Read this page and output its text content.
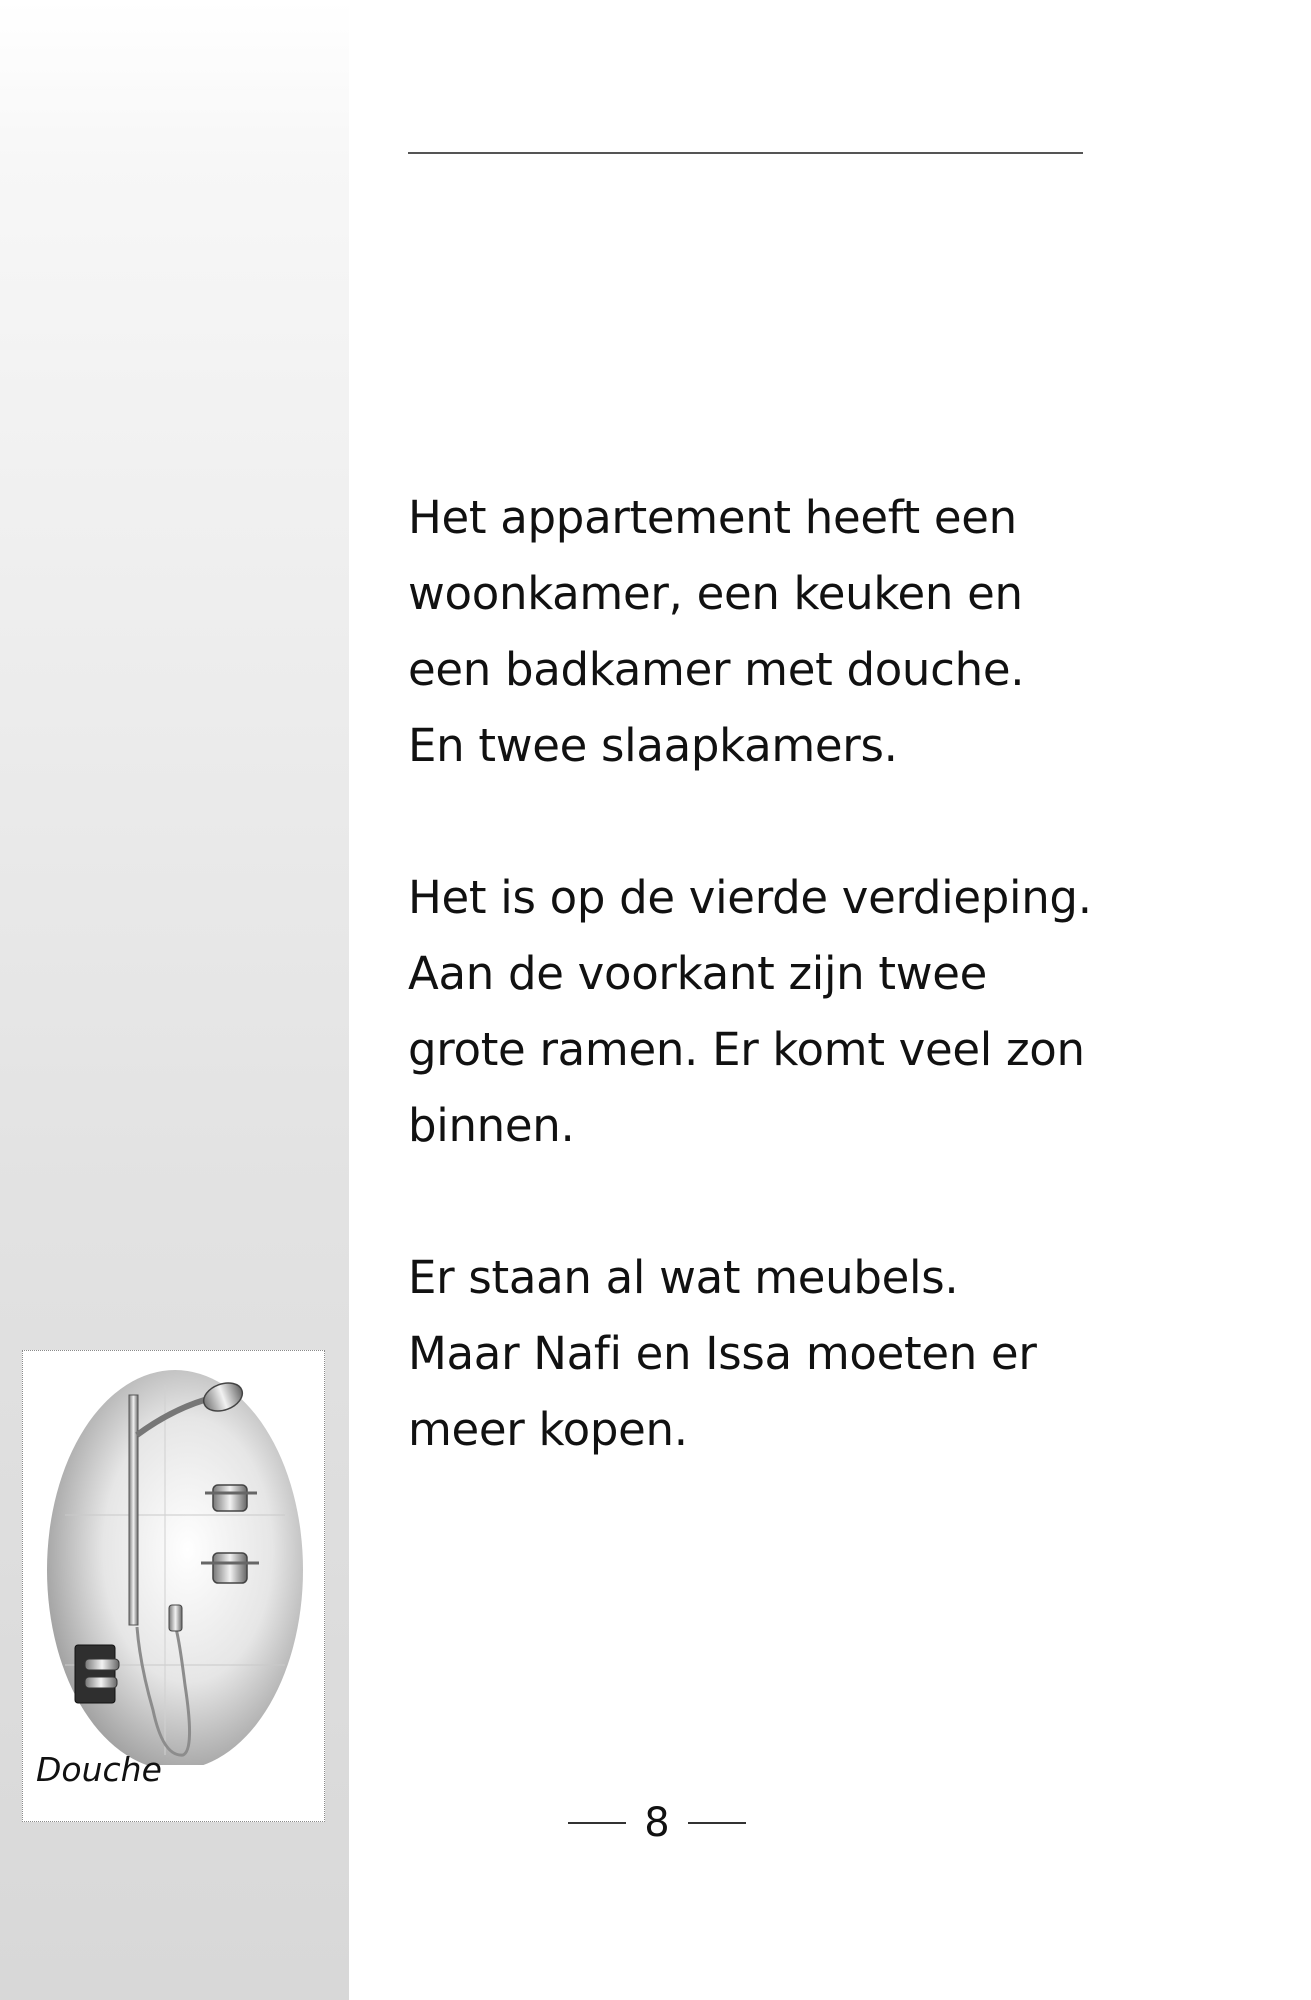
Het appartement heeft een
woonkamer, een keuken en
een badkamer met douche.
En twee slaapkamers.

Het is op de vierde verdieping.
Aan de voorkant zijn twee
grote ramen. Er komt veel zon
binnen.

Er staan al wat meubels.
Maar Nafi en Issa moeten er
meer kopen.

Douche
8
